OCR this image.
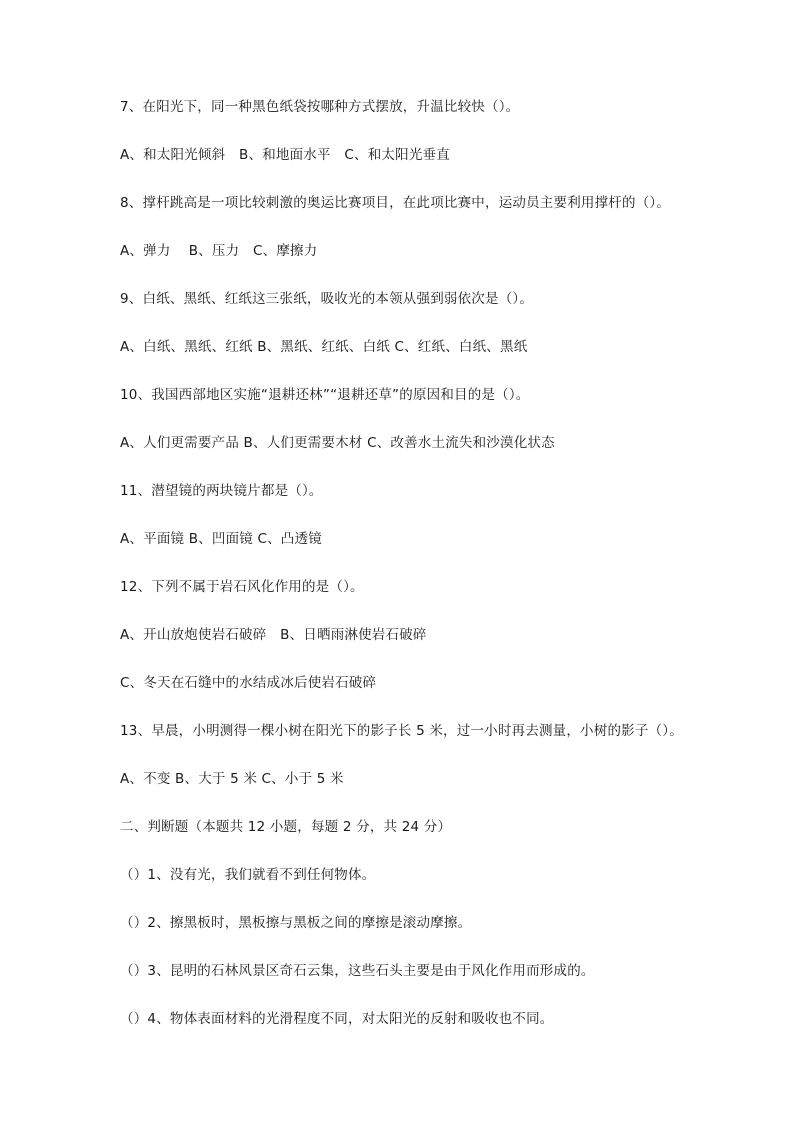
7、在阳光下，同一种黑色纸袋按哪种方式摆放，升温比较快（）。
A、和太阳光倾斜　B、和地面水平　C、和太阳光垂直
8、撑杆跳高是一项比较刺激的奥运比赛项目，在此项比赛中，运动员主要利用撑杆的（）。
A、弹力　 B、压力　C、摩擦力
9、白纸、黑纸、红纸这三张纸，吸收光的本领从强到弱依次是（）。
A、白纸、黑纸、红纸 B、黑纸、红纸、白纸 C、红纸、白纸、黑纸
10、我国西部地区实施“退耕还林”“退耕还草”的原因和目的是（）。
A、人们更需要产品 B、人们更需要木材 C、改善水土流失和沙漠化状态
11、潜望镜的两块镜片都是（）。
A、平面镜 B、凹面镜 C、凸透镜
12、下列不属于岩石风化作用的是（）。
A、开山放炮使岩石破碎　B、日晒雨淋使岩石破碎
C、冬天在石缝中的水结成冰后使岩石破碎
13、早晨，小明测得一棵小树在阳光下的影子长 5 米，过一小时再去测量，小树的影子（）。
A、不变 B、大于 5 米 C、小于 5 米
二、判断题（本题共 12 小题，每题 2 分，共 24 分）
（）1、没有光，我们就看不到任何物体。
（）2、擦黑板时，黑板擦与黑板之间的摩擦是滚动摩擦。
（）3、昆明的石林风景区奇石云集，这些石头主要是由于风化作用而形成的。
（）4、物体表面材料的光滑程度不同，对太阳光的反射和吸收也不同。
